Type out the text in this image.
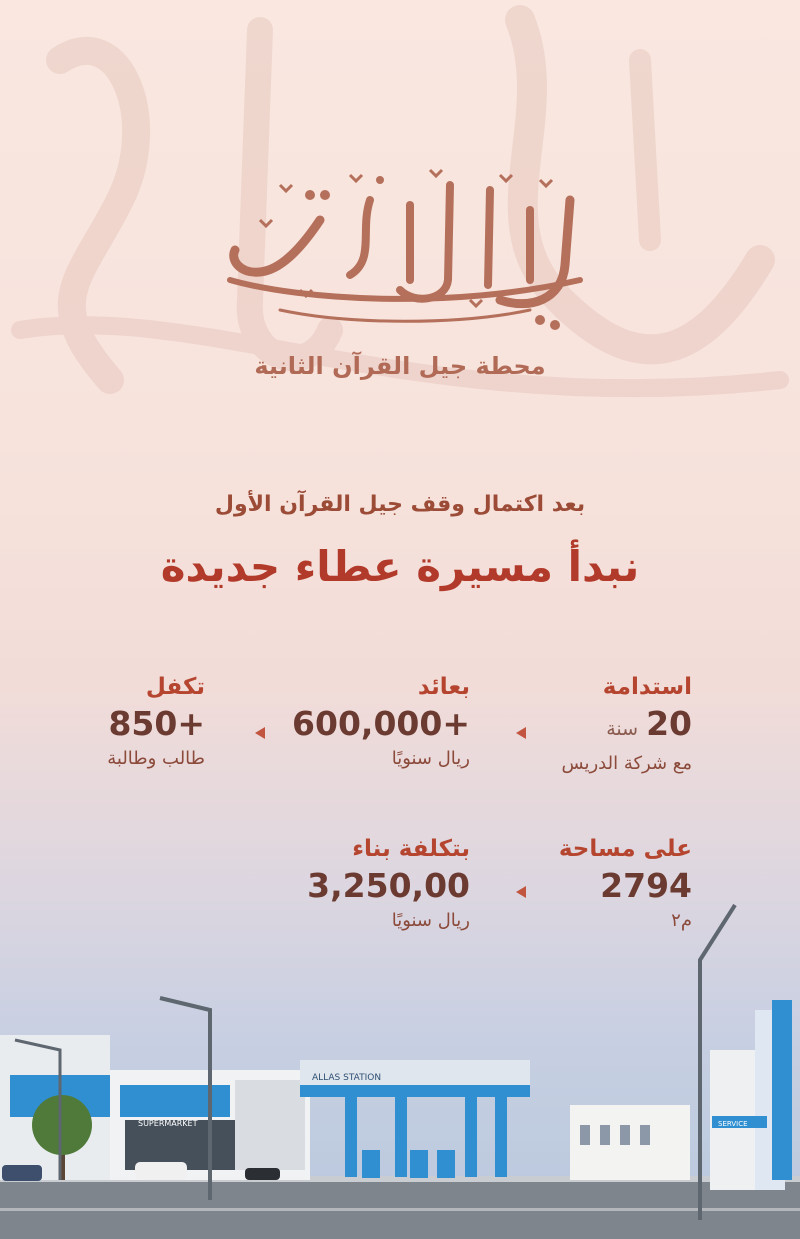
محطة جيل القرآن الثانية
بعد اكتمال وقف جيل القرآن الأول
نبدأ مسيرة عطاء جديدة
استدامة
20
سنة
مع شركة الدريس
بعائد
+600,000
ريال سنويًا
تكفل
+850
طالب وطالبة
على مساحة
2794
م٢
بتكلفة بناء
3,250,00
ريال سنويًا
SUPERMARKET
ALLAS STATION
SERVICE
